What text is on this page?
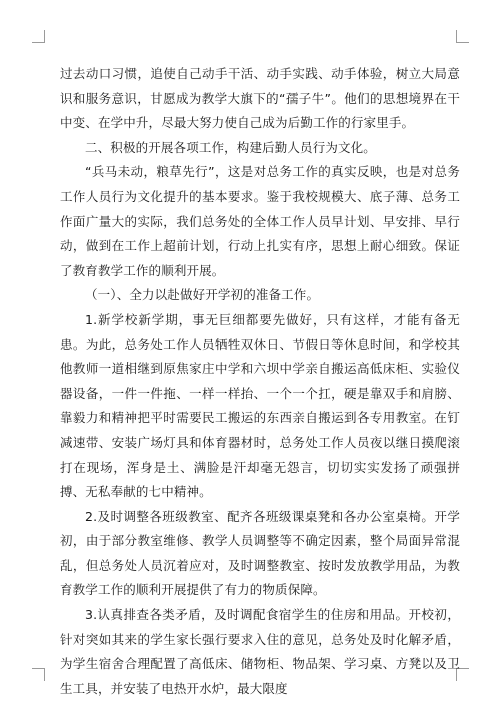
过去动口习惯，追使自己动手干活、动手实践、动手体验，树立大局意识和服务意识，甘愿成为教学大旗下的“孺子牛”。他们的思想境界在干中变、在学中升，尽最大努力使自己成为后勤工作的行家里手。

二、积极的开展各项工作，构建后勤人员行为文化。

“兵马未动，粮草先行”，这是对总务工作的真实反映，也是对总务工作人员行为文化提升的基本要求。鉴于我校规模大、底子薄、总务工作面广量大的实际，我们总务处的全体工作人员早计划、早安排、早行动，做到在工作上超前计划，行动上扎实有序，思想上耐心细致。保证了教育教学工作的顺利开展。

（一）、全力以赴做好开学初的准备工作。

1.新学校新学期，事无巨细都要先做好，只有这样，才能有备无患。为此，总务处工作人员牺牲双休日、节假日等休息时间，和学校其他教师一道相继到原焦家庄中学和六坝中学亲自搬运高低床柜、实验仪器设备，一件一件拖、一样一样抬、一个一个扛，硬是靠双手和肩膀、靠毅力和精神把平时需要民工搬运的东西亲自搬运到各专用教室。在钉减速带、安装广场灯具和体育器材时，总务处工作人员夜以继日摸爬滚打在现场，浑身是土、满脸是汗却毫无怨言，切切实实发扬了顽强拼搏、无私奉献的七中精神。

2.及时调整各班级教室、配齐各班级课桌凳和各办公室桌椅。开学初，由于部分教室维修、教学人员调整等不确定因素，整个局面异常混乱，但总务处人员沉着应对，及时调整教室、按时发放教学用品，为教育教学工作的顺利开展提供了有力的物质保障。

3.认真排查各类矛盾，及时调配食宿学生的住房和用品。开校初，针对突如其来的学生家长强行要求入住的意见，总务处及时化解矛盾，为学生宿舍合理配置了高低床、储物柜、物品架、学习桌、方凳以及卫生工具，并安装了电热开水炉，最大限度
